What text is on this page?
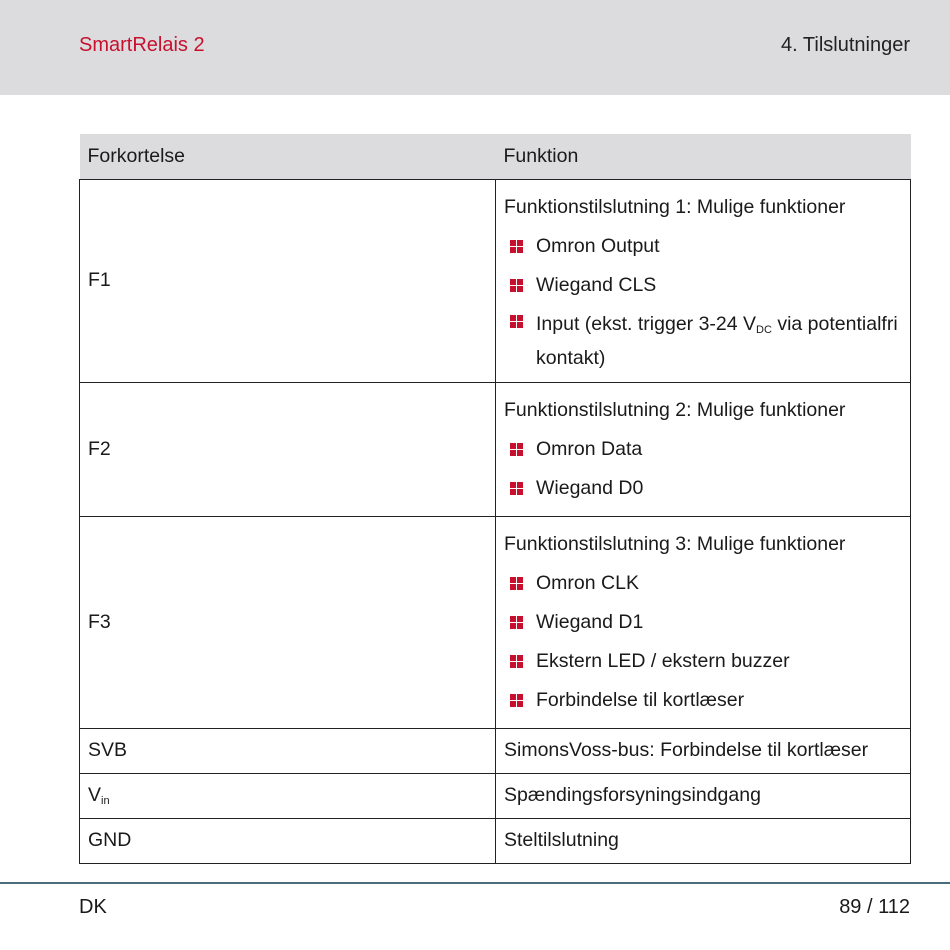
SmartRelais 2	4. Tilslutninger
Forkortelse	Funktion
F1	Funktionstilslutning 1: Mulige funktioner
Omron Output
Wiegand CLS
Input (ekst. trigger 3-24 $V_{DC}$ via potentialfri kontakt)

F2	Funktionstilslutning 2: Mulige funktioner
Omron Data
Wiegand D0

F3	Funktionstilslutning 3: Mulige funktioner
Omron CLK
Wiegand D1
Ekstern LED / ekstern buzzer
Forbindelse til kortlæser

SVB	SimonsVoss-bus: Forbindelse til kortlæser
$V_{in}$	Spændingsforsyningsindgang
GND	Steltilslutning
DK	89 / 112
